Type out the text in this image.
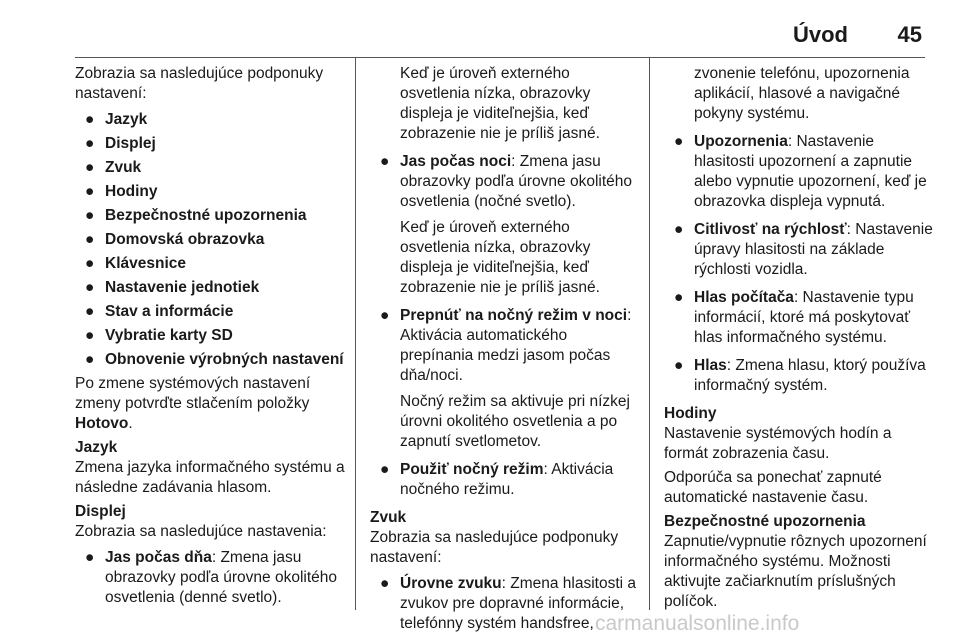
Úvod 45

Zobrazia sa nasledujúce podponuky nastavení:

● Jazyk
● Displej
● Zvuk
● Hodiny
● Bezpečnostné upozornenia
● Domovská obrazovka
● Klávesnice
● Nastavenie jednotiek
● Stav a informácie
● Vybratie karty SD
● Obnovenie výrobných nastavení

Po zmene systémových nastavení zmeny potvrďte stlačením položky Hotovo.

Jazyk

Zmena jazyka informačného systému a následne zadávania hlasom.

Displej

Zobrazia sa nasledujúce nastavenia:

● Jas počas dňa: Zmena jasu obrazovky podľa úrovne okolitého osvetlenia (denné svetlo).

Keď je úroveň externého osvetlenia nízka, obrazovky displeja je viditeľnejšia, keď zobrazenie nie je príliš jasné.

● Jas počas noci: Zmena jasu obrazovky podľa úrovne okolitého osvetlenia (nočné svetlo).

Keď je úroveň externého osvetlenia nízka, obrazovky displeja je viditeľnejšia, keď zobrazenie nie je príliš jasné.

● Prepnúť na nočný režim v noci: Aktivácia automatického prepínania medzi jasom počas dňa/noci.

Nočný režim sa aktivuje pri nízkej úrovni okolitého osvetlenia a po zapnutí svetlometov.

● Použiť nočný režim: Aktivácia nočného režimu.

Zvuk

Zobrazia sa nasledujúce podponuky nastavení:

● Úrovne zvuku: Zmena hlasitosti a zvukov pre dopravné informácie, telefónny systém handsfree,

zvonenie telefónu, upozornenia aplikácií, hlasové a navigačné pokyny systému.

● Upozornenia: Nastavenie hlasitosti upozornení a zapnutie alebo vypnutie upozornení, keď je obrazovka displeja vypnutá.
● Citlivosť na rýchlosť: Nastavenie úpravy hlasitosti na základe rýchlosti vozidla.
● Hlas počítača: Nastavenie typu informácií, ktoré má poskytovať hlas informačného systému.
● Hlas: Zmena hlasu, ktorý používa informačný systém.

Hodiny

Nastavenie systémových hodín a formát zobrazenia času.

Odporúča sa ponechať zapnuté automatické nastavenie času.

Bezpečnostné upozornenia

Zapnutie/vypnutie rôznych upozornení informačného systému. Možnosti aktivujte začiarknutím príslušných políčok.

carmanualsonline.info
